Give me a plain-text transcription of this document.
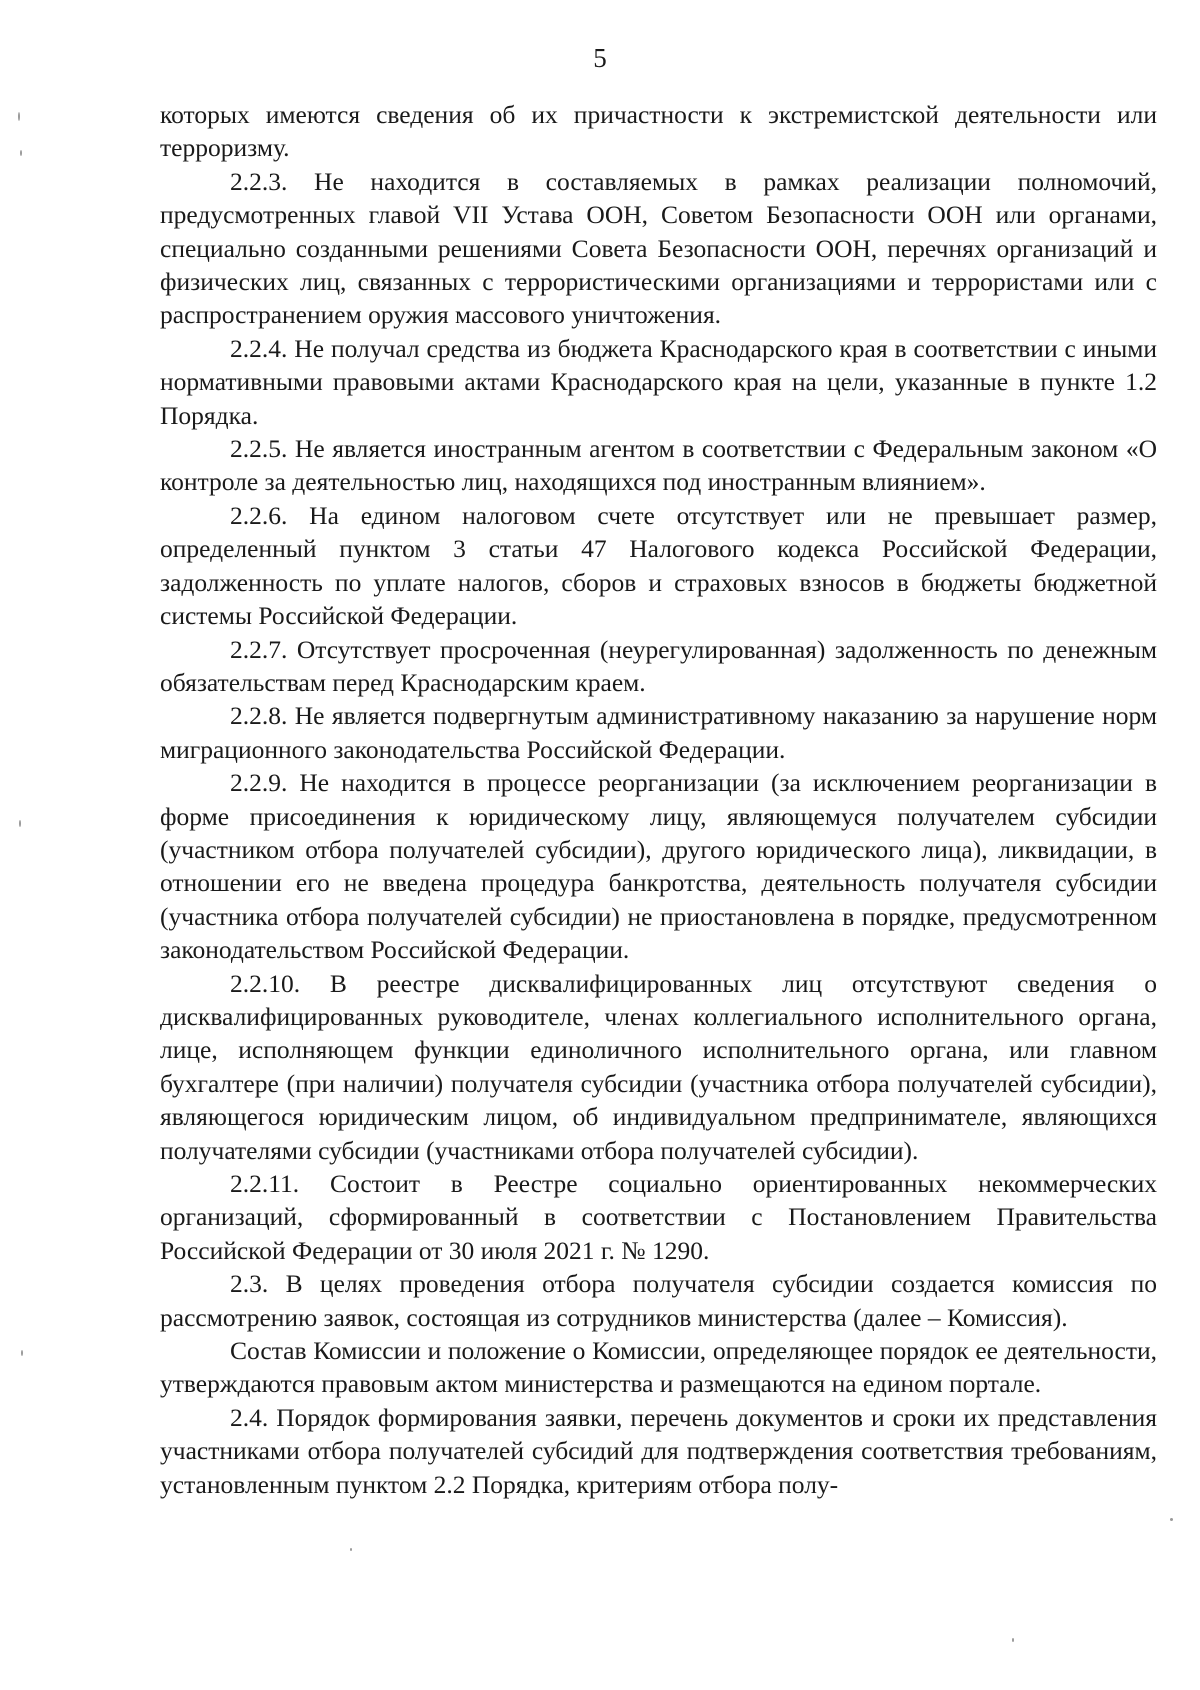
5

которых имеются сведения об их причастности к экстремистской деятельности или терроризму.

2.2.3. Не находится в составляемых в рамках реализации полномочий, предусмотренных главой VII Устава ООН, Советом Безопасности ООН или органами, специально созданными решениями Совета Безопасности ООН, перечнях организаций и физических лиц, связанных с террористическими организациями и террористами или с распространением оружия массового уничтожения.

2.2.4. Не получал средства из бюджета Краснодарского края в соответствии с иными нормативными правовыми актами Краснодарского края на цели, указанные в пункте 1.2 Порядка.

2.2.5. Не является иностранным агентом в соответствии с Федеральным законом «О контроле за деятельностью лиц, находящихся под иностранным влиянием».

2.2.6. На едином налоговом счете отсутствует или не превышает размер, определенный пунктом 3 статьи 47 Налогового кодекса Российской Федерации, задолженность по уплате налогов, сборов и страховых взносов в бюджеты бюджетной системы Российской Федерации.

2.2.7. Отсутствует просроченная (неурегулированная) задолженность по денежным обязательствам перед Краснодарским краем.

2.2.8. Не является подвергнутым административному наказанию за нарушение норм миграционного законодательства Российской Федерации.

2.2.9. Не находится в процессе реорганизации (за исключением реорганизации в форме присоединения к юридическому лицу, являющемуся получателем субсидии (участником отбора получателей субсидии), другого юридического лица), ликвидации, в отношении его не введена процедура банкротства, деятельность получателя субсидии (участника отбора получателей субсидии) не приостановлена в порядке, предусмотренном законодательством Российской Федерации.

2.2.10. В реестре дисквалифицированных лиц отсутствуют сведения о дисквалифицированных руководителе, членах коллегиального исполнительного органа, лице, исполняющем функции единоличного исполнительного органа, или главном бухгалтере (при наличии) получателя субсидии (участника отбора получателей субсидии), являющегося юридическим лицом, об индивидуальном предпринимателе, являющихся получателями субсидии (участниками отбора получателей субсидии).

2.2.11. Состоит в Реестре социально ориентированных некоммерческих организаций, сформированный в соответствии с Постановлением Правительства Российской Федерации от 30 июля 2021 г. № 1290.

2.3. В целях проведения отбора получателя субсидии создается комиссия по рассмотрению заявок, состоящая из сотрудников министерства (далее – Комиссия).

Состав Комиссии и положение о Комиссии, определяющее порядок ее деятельности, утверждаются правовым актом министерства и размещаются на едином портале.

2.4. Порядок формирования заявки, перечень документов и сроки их представления участниками отбора получателей субсидий для подтверждения соответствия требованиям, установленным пунктом 2.2 Порядка, критериям отбора полу-
